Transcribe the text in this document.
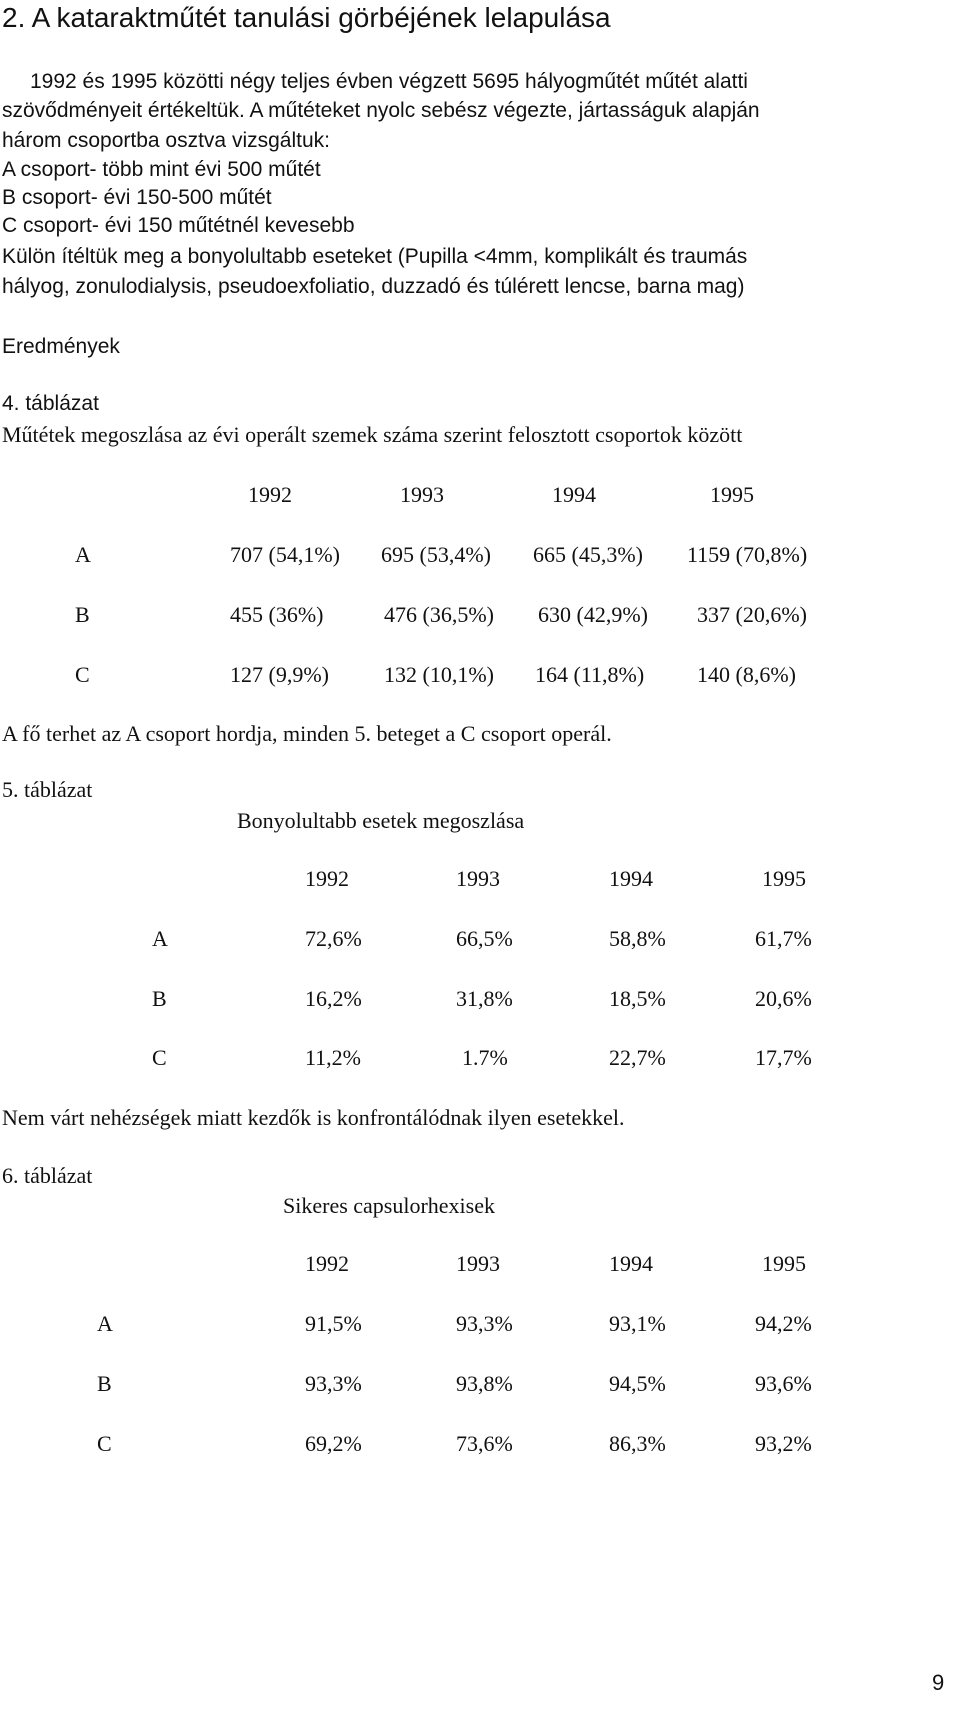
2. A kataraktműtét tanulási görbéjének lelapulása
1992 és 1995 közötti négy teljes évben végzett 5695 hályogműtét műtét alatti
szövődményeit értékeltük. A műtéteket nyolc sebész végezte, jártasságuk alapján
három csoportba osztva vizsgáltuk:
A csoport- több mint évi 500 műtét
B csoport- évi 150-500 műtét
C csoport- évi 150 műtétnél kevesebb
Külön ítéltük meg a bonyolultabb eseteket (Pupilla <4mm, komplikált és traumás
hályog, zonulodialysis, pseudoexfoliatio, duzzadó és túlérett lencse, barna mag)
Eredmények
4. táblázat
Műtétek megoszlása az évi operált szemek száma szerint felosztott csoportok között
1992	1993	1994	1995
A	707 (54,1%) 695 (53,4%) 665 (45,3%) 1159 (70,8%)
B	455 (36%)	476 (36,5%) 630 (42,9%) 337 (20,6%)
C	127 (9,9%)	132 (10,1%) 164 (11,8%) 140 (8,6%)
A fő terhet az A csoport hordja, minden 5. beteget a C csoport operál.
5. táblázat
Bonyolultabb esetek megoszlása
1992	1993	1994	1995
A	72,6%	66,5%	58,8%	61,7%
B	16,2%	31,8%	18,5%	20,6%
C	11,2%	1.7%	22,7%	17,7%
Nem várt nehézségek miatt kezdők is konfrontálódnak ilyen esetekkel.
6. táblázat
Sikeres capsulorhexisek
1992	1993	1994	1995
A	91,5%	93,3%	93,1%	94,2%
B	93,3%	93,8%	94,5%	93,6%
C	69,2%	73,6%	86,3%	93,2%
9
